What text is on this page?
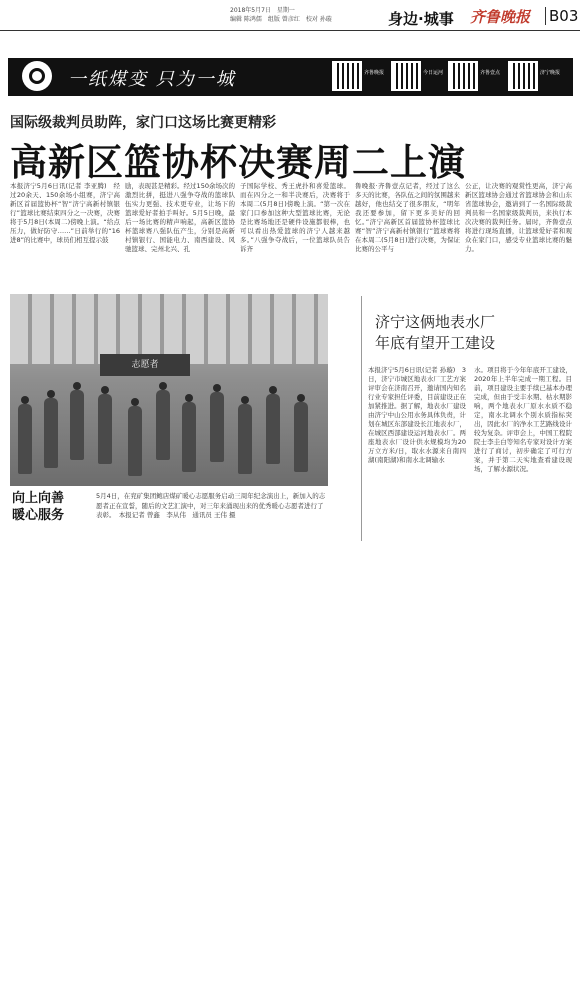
2018年5月7日　星期一
编辑 陈鸿儒　组版 曾彦红　校对 孙璇	身边·城事 齐鲁晚报 B03
一纸煤变 只为一城	齐鲁晚报	今日运河	齐鲁壹点	济宁晚报
国际级裁判员助阵，家门口这场比赛更精彩
高新区篮协杯决赛周二上演
本报济宁5月6日讯(记者 李亚腾)　经过20余天、150余场小组赛，济宁高新区首届篮协杯“智”济宁高新村镇银行”篮球比赛结束四分之一决赛，决赛将于5月8日(本周二)傍晚上演。“给点压力，做好防守……”日前举行的“16进8”的比赛中，球员们相互提示鼓
励，表现甚是精彩。经过150余场次的激烈比拼，挺进八强争夺战的篮球队伍实力更强、技术更专业，让场下的篮球爱好者拍手叫好。5月5日晚，最后一场比赛的精声响起，高新区篮协杯篮球赛八强队伍产生，分别是高新村镇银行、国能电力、南西建设、风驰篮球、完州北兴、孔
子国际学校、秀王虎扑和喜爱篮球。而在四分之一和半决赛后，决赛将于本周二(5月8日)傍晚上演。“第一次在家门口参加这种大型篮球比赛，无论是比赛场地还是硬件设施都很棒，也可以看出热爱篮球的济宁人越来越多。”八强争夺战后，一位篮球队员告诉齐
鲁晚报·齐鲁壹点记者，经过了这么多天的比赛，各队伍之间的氛围越来越好，他也结交了很多朋友，“明年我还要参加，留下更多美好的回忆。”济宁高新区首届篮协杯篮球比赛“智”济宁高新村镇银行”篮球赛将在本周二(5月8日)进行决赛，为保证比赛的公平与
公正，让决赛的观赏性更高，济宁高新区篮球协会通过省篮球协会和山东省篮球协会，邀请到了一名国际级裁判员和一名国家级裁判员，来执行本次决赛的裁判任务。届时，齐鲁壹点将进行现场直播，让篮球爱好者和观众在家门口，感受专业篮球比赛的魅力。
志愿者
向上向善
暖心服务
5月4日，在兖矿集团鲍店煤矿暖心志愿服务启动三周年纪念演出上，新加入的志愿者正在宣誓，随后的文艺汇演中，对三年来涌现出来的优秀暖心志愿者进行了表彰。　本报记者 曾鑫　李从伟　通讯员 王伟 摄
济宁这俩地表水厂
年底有望开工建设
本报济宁5月6日讯(记者 孙璇)　3日，济宁市城区地表水厂工艺方案评审会在济南召开，邀请国内知名行业专家担任评委，目前建设正在加紧推进。据了解，地表水厂建设由济宁中山公用水务具体负责，计划在城区东部建设长江地表水厂，在城区西部建设运河地表水厂。两座地表水厂设计供水规模均为20万立方米/日，取水水源来自南四湖(南阳湖)和南水北调输水
水。项目将于今年年底开工建设，2020年上半年完成一期工程。目前，项目建设主要手续已基本办理完成，但由于受丰水期、枯水期影响，两个地表水厂原水水质不稳定，南水北调水个别水质指标突出，因此水厂的净水工艺路线设计较为复杂。评审会上，中国工程院院士李圭白等知名专家对设计方案进行了商讨，初步确定了可行方案，并于第二天实地查看建设现场，了解水源状况。
